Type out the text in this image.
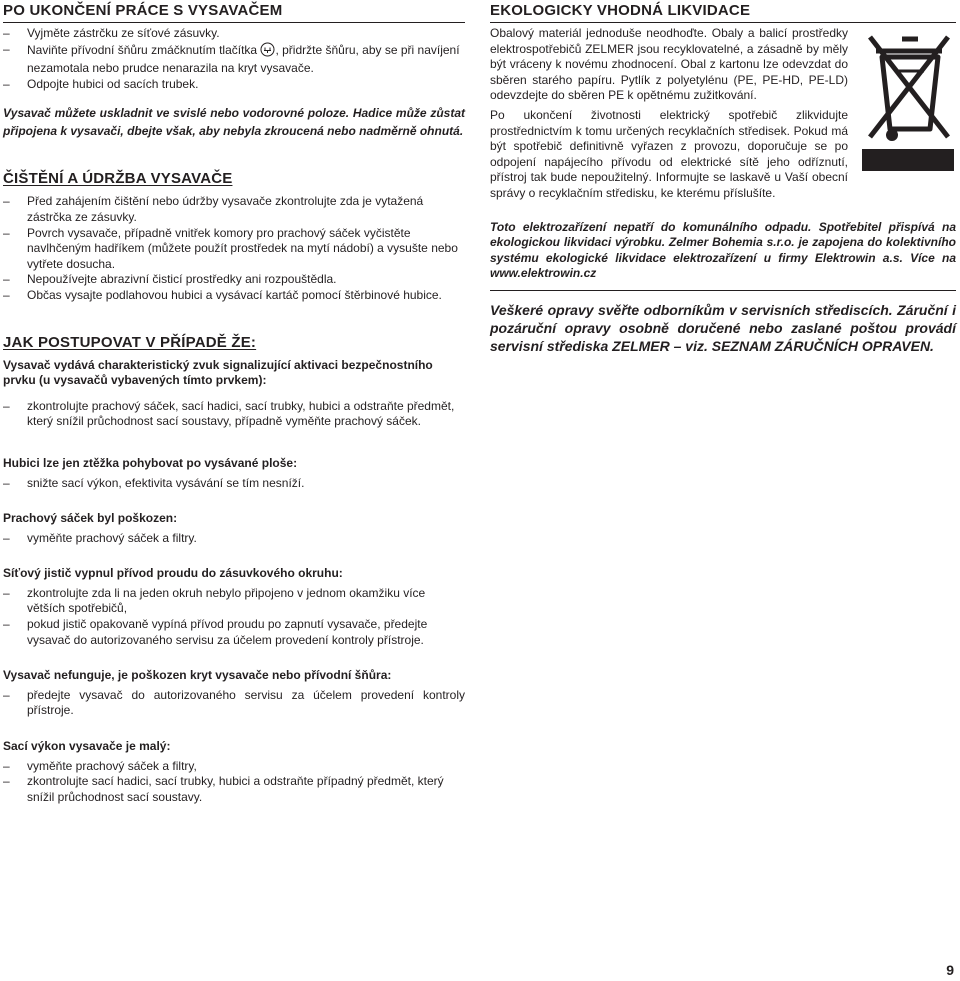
PO UKONČENÍ PRÁCE S VYSAVAČEM
– Vyjměte zástrčku ze síťové zásuvky.
– Naviňte přívodní šňůru zmáčknutím tlačítka , přidržte šňůru, aby se při navíjení nezamotala nebo prudce nenarazila na kryt vysavače.
– Odpojte hubici od sacích trubek.

Vysavač můžete uskladnit ve svislé nebo vodorovné poloze. Hadice může zůstat připojena k vysavači, dbejte však, aby nebyla zkroucená nebo nadměrně ohnutá.

ČIŠTĚNÍ A ÚDRŽBA VYSAVAČE
– Před zahájením čištění nebo údržby vysavače zkontrolujte zda je vytažená zástrčka ze zásuvky.
– Povrch vysavače, případně vnitřek komory pro prachový sáček vyčistěte navlhčeným hadříkem (můžete použít prostředek na mytí nádobí) a vysušte nebo vytřete dosucha.
– Nepoužívejte abrazivní čisticí prostředky ani rozpouštědla.
– Občas vysajte podlahovou hubici a vysávací kartáč pomocí štěrbinové hubice.
JAK POSTUPOVAT V PŘÍPADĚ ŽE:

Vysavač vydává charakteristický zvuk signalizující aktivaci bezpečnostního prvku (u vysavačů vybavených tímto prvkem):

– zkontrolujte prachový sáček, sací hadici, sací trubky, hubici a odstraňte předmět, který snížil průchodnost sací soustavy, případně vyměňte prachový sáček.

Hubici lze jen ztěžka pohybovat po vysávané ploše:

– snižte sací výkon, efektivita vysávání se tím nesníží.

Prachový sáček byl poškozen:

– vyměňte prachový sáček a filtry.

Síťový jistič vypnul přívod proudu do zásuvkového okruhu:

– zkontrolujte zda li na jeden okruh nebylo připojeno v jednom okamžiku více větších spotřebičů,
– pokud jistič opakovaně vypíná přívod proudu po zapnutí vysavače, předejte vysavač do autorizovaného servisu za účelem provedení kontroly přístroje.

Vysavač nefunguje, je poškozen kryt vysavače nebo přívodní šňůra:

– předejte vysavač do autorizovaného servisu za účelem provedení kontroly přístroje.

Sací výkon vysavače je malý:

– vyměňte prachový sáček a filtry,
– zkontrolujte sací hadici, sací trubky, hubici a odstraňte případný předmět, který snížil průchodnost sací soustavy.
EKOLOGICKY VHODNÁ LIKVIDACE

Obalový materiál jednoduše neodhoďte. Obaly a balicí prostředky elektrospotřebičů ZELMER jsou recyklovatelné, a zásadně by měly být vráceny k novému zhodnocení. Obal z kartonu lze odevzdat do sběren starého papíru. Pytlík z polyetylénu (PE, PE-HD, PE-LD) odevzdejte do sběren PE k opětnému zužitkování.

Po ukončení životnosti elektrický spotřebič zlikvidujte prostřednictvím k tomu určených recyklačních středisek. Pokud má být spotřebič definitivně vyřazen z provozu, doporučuje se po odpojení napájecího přívodu od elektrické sítě jeho odříznutí, přístroj tak bude nepoužitelný. Informujte se laskavě u Vaší obecní správy o recyklačním středisku, ke kterému příslušíte.

Toto elektrozařízení nepatří do komunálního odpadu. Spotřebitel přispívá na ekologickou likvidaci výrobku. Zelmer Bohemia s.r.o. je zapojena do kolektivního systému ekologické likvidace elektrozařízení u firmy Elektrowin a.s. Více na www.elektrowin.cz

Veškeré opravy svěřte odborníkům v servisních střediscích. Záruční i pozáruční opravy osobně doručené nebo zaslané poštou provádí servisní střediska ZELMER – viz. SEZNAM ZÁRUČNÍCH OPRAVEN.

9
